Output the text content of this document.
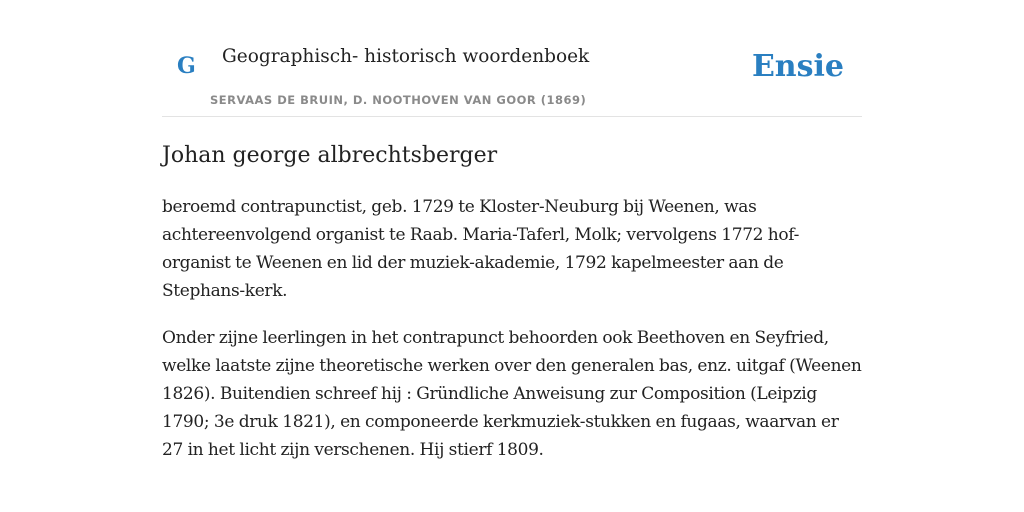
G Geographisch- historisch woordenboek
SERVAAS DE BRUIN, D. NOOTHOVEN VAN GOOR (1869)
Ensie
Johan george albrechtsberger

beroemd contrapunctist, geb. 1729 te Kloster-Neuburg bij Weenen, was achtereenvolgend organist te Raab. Maria-Taferl, Molk; vervolgens 1772 hof-organist te Weenen en lid der muziek-akademie, 1792 kapelmeester aan de Stephans-kerk.

Onder zijne leerlingen in het contrapunct behoorden ook Beethoven en Seyfried, welke laatste zijne theoretische werken over den generalen bas, enz. uitgaf (Weenen 1826). Buitendien schreef hij : Gründliche Anweisung zur Composition (Leipzig 1790; 3e druk 1821), en componeerde kerkmuziek-stukken en fugaas, waarvan er 27 in het licht zijn verschenen. Hij stierf 1809.
